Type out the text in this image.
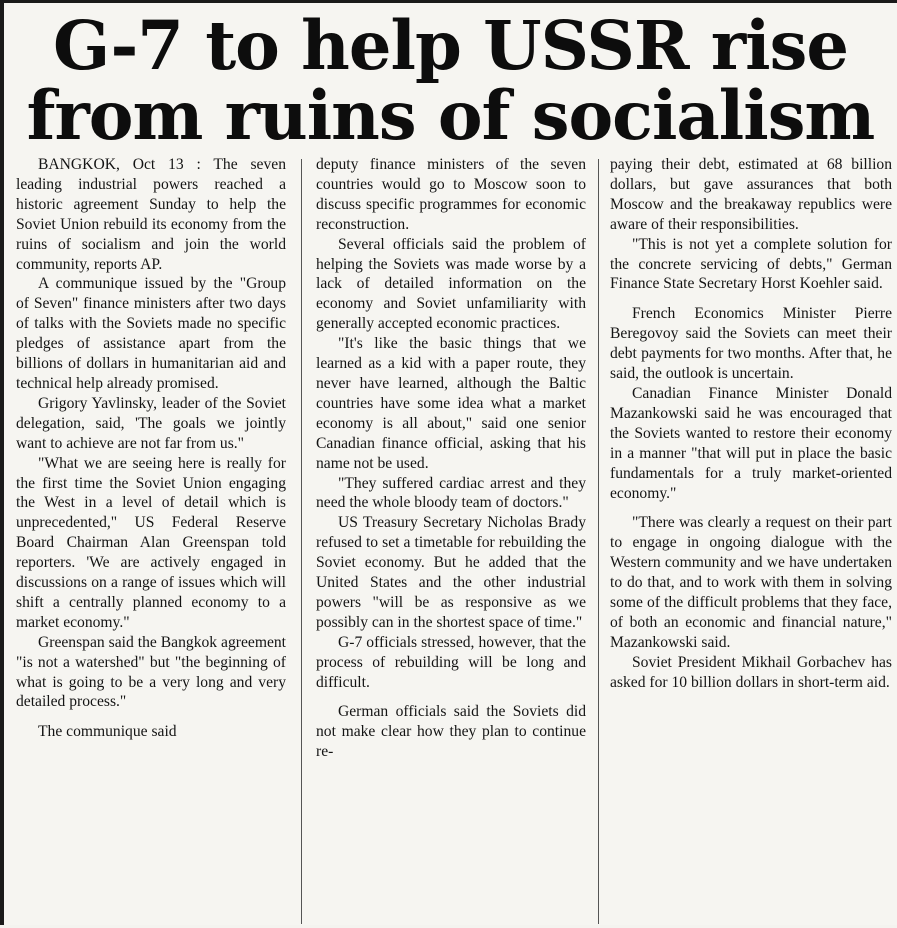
G-7 to help USSR rise
from ruins of socialism

BANGKOK, Oct 13 : The seven leading industrial powers reached a historic agreement Sunday to help the Soviet Union rebuild its economy from the ruins of socialism and join the world community, reports AP.

A communique issued by the "Group of Seven" finance ministers after two days of talks with the Soviets made no specific pledges of assistance apart from the billions of dollars in humanitarian aid and technical help already promised.

Grigory Yavlinsky, leader of the Soviet delegation, said, 'The goals we jointly want to achieve are not far from us."

"What we are seeing here is really for the first time the Soviet Union engaging the West in a level of detail which is unprecedented," US Federal Reserve Board Chairman Alan Greenspan told reporters. 'We are actively engaged in discussions on a range of issues which will shift a centrally planned economy to a market economy."

Greenspan said the Bangkok agreement "is not a watershed" but "the beginning of what is going to be a very long and very detailed process."

The communique said

deputy finance ministers of the seven countries would go to Moscow soon to discuss specific programmes for economic reconstruction.

Several officials said the problem of helping the Soviets was made worse by a lack of detailed information on the economy and Soviet unfamiliarity with generally accepted economic practices.

"It's like the basic things that we learned as a kid with a paper route, they never have learned, although the Baltic countries have some idea what a market economy is all about," said one senior Canadian finance official, asking that his name not be used.

"They suffered cardiac arrest and they need the whole bloody team of doctors."

US Treasury Secretary Nicholas Brady refused to set a timetable for rebuilding the Soviet economy. But he added that the United States and the other industrial powers "will be as responsive as we possibly can in the shortest space of time."

G-7 officials stressed, however, that the process of rebuilding will be long and difficult.

German officials said the Soviets did not make clear how they plan to continue re-

paying their debt, estimated at 68 billion dollars, but gave assurances that both Moscow and the breakaway republics were aware of their responsibilities.

"This is not yet a complete solution for the concrete servicing of debts," German Finance State Secretary Horst Koehler said.

French Economics Minister Pierre Beregovoy said the Soviets can meet their debt payments for two months. After that, he said, the outlook is uncertain.

Canadian Finance Minister Donald Mazankowski said he was encouraged that the Soviets wanted to restore their economy in a manner "that will put in place the basic fundamentals for a truly market-oriented economy."

"There was clearly a request on their part to engage in ongoing dialogue with the Western community and we have undertaken to do that, and to work with them in solving some of the difficult problems that they face, of both an economic and financial nature," Mazankowski said.

Soviet President Mikhail Gorbachev has asked for 10 billion dollars in short-term aid.
